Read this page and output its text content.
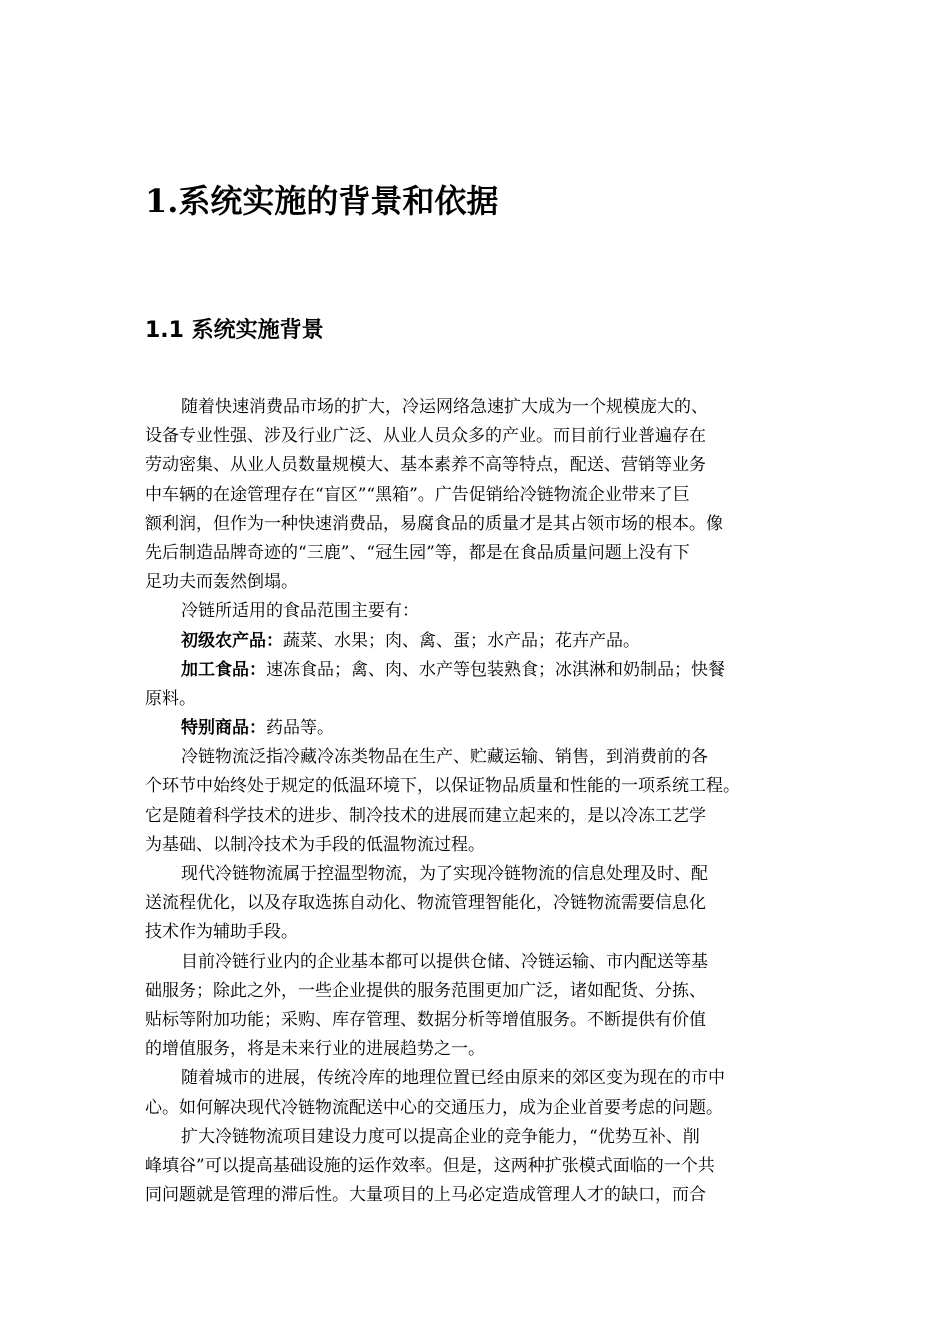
1.系统实施的背景和依据
1.1 系统实施背景
随着快速消费品市场的扩大，冷运网络急速扩大成为一个规模庞大的、
设备专业性强、涉及行业广泛、从业人员众多的产业。而目前行业普遍存在
劳动密集、从业人员数量规模大、基本素养不高等特点，配送、营销等业务
中车辆的在途管理存在“盲区”“黑箱”。广告促销给冷链物流企业带来了巨
额利润，但作为一种快速消费品，易腐食品的质量才是其占领市场的根本。像
先后制造品牌奇迹的“三鹿”、“冠生园”等，都是在食品质量问题上没有下
足功夫而轰然倒塌。
冷链所适用的食品范围主要有：
初级农产品：蔬菜、水果；肉、禽、蛋；水产品；花卉产品。
加工食品：速冻食品；禽、肉、水产等包装熟食；冰淇淋和奶制品；快餐
原料。
特别商品：药品等。
冷链物流泛指冷藏冷冻类物品在生产、贮藏运输、销售，到消费前的各
个环节中始终处于规定的低温环境下，以保证物品质量和性能的一项系统工程。
它是随着科学技术的进步、制冷技术的进展而建立起来的，是以冷冻工艺学
为基础、以制冷技术为手段的低温物流过程。
现代冷链物流属于控温型物流，为了实现冷链物流的信息处理及时、配
送流程优化，以及存取选拣自动化、物流管理智能化，冷链物流需要信息化
技术作为辅助手段。
目前冷链行业内的企业基本都可以提供仓储、冷链运输、市内配送等基
础服务；除此之外，一些企业提供的服务范围更加广泛，诸如配货、分拣、
贴标等附加功能；采购、库存管理、数据分析等增值服务。不断提供有价值
的增值服务，将是未来行业的进展趋势之一。
随着城市的进展，传统冷库的地理位置已经由原来的郊区变为现在的市中
心。如何解决现代冷链物流配送中心的交通压力，成为企业首要考虑的问题。
扩大冷链物流项目建设力度可以提高企业的竞争能力，“优势互补、削
峰填谷”可以提高基础设施的运作效率。但是，这两种扩张模式面临的一个共
同问题就是管理的滞后性。大量项目的上马必定造成管理人才的缺口，而合
